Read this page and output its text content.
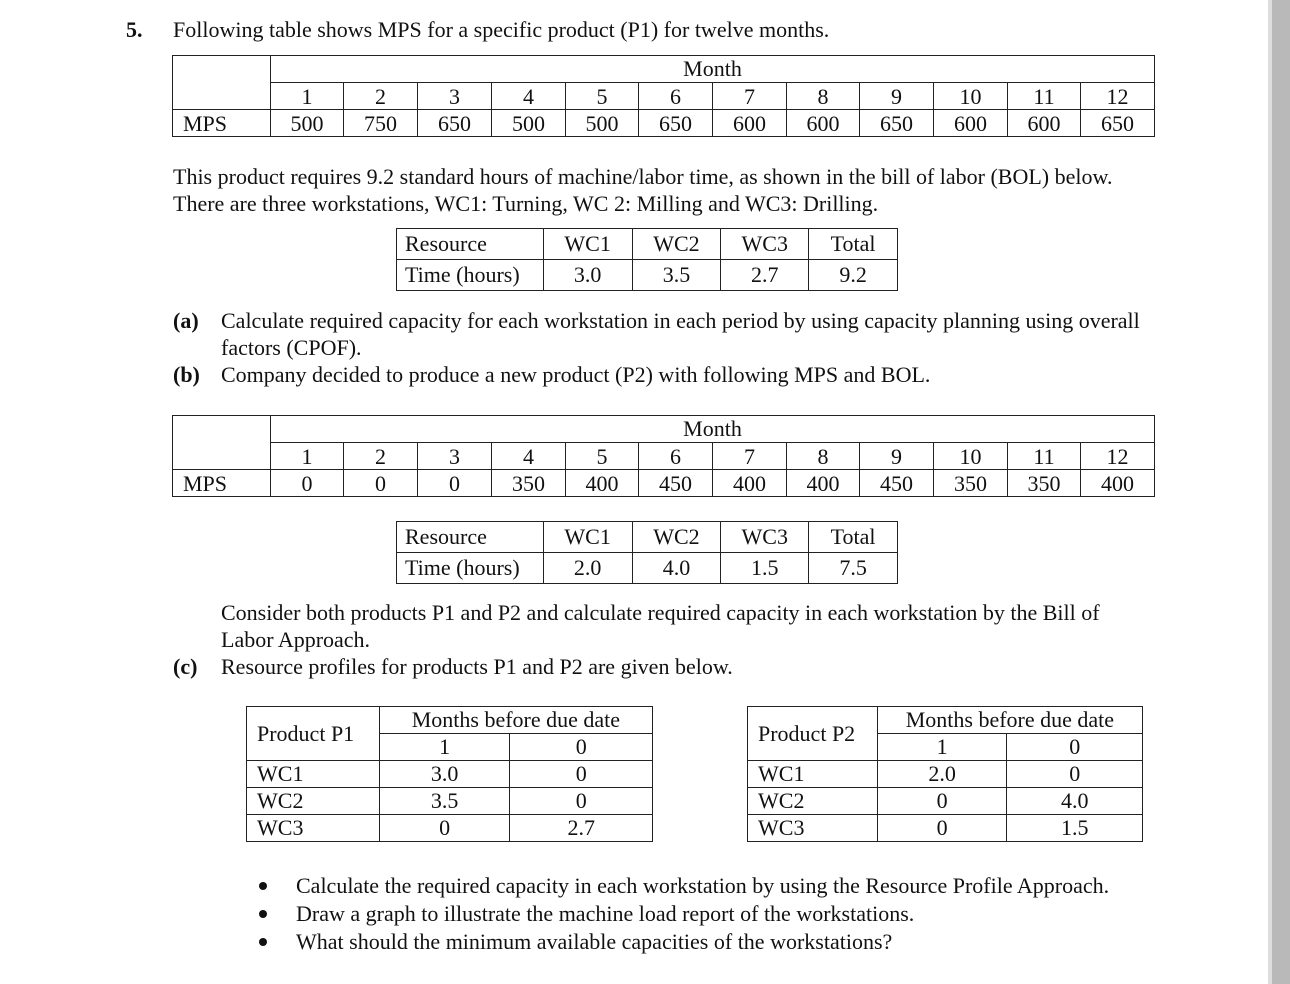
5. Following table shows MPS for a specific product (P1) for twelve months.
	Month											
	1	2	3	4	5	6	7	8	9	10	11	12
MPS	500	750	650	500	500	650	600	600	650	600	600	650
This product requires 9.2 standard hours of machine/labor time, as shown in the bill of labor (BOL) below.
There are three workstations, WC1: Turning, WC 2: Milling and WC3: Drilling.
Resource	WC1	WC2	WC3	Total
Time (hours)	3.0	3.5	2.7	9.2
(a) Calculate required capacity for each workstation in each period by using capacity planning using overall
factors (CPOF).
(b) Company decided to produce a new product (P2) with following MPS and BOL.
	Month											
	1	2	3	4	5	6	7	8	9	10	11	12
MPS	0	0	0	350	400	450	400	400	450	350	350	400
Resource	WC1	WC2	WC3	Total
Time (hours)	2.0	4.0	1.5	7.5
Consider both products P1 and P2 and calculate required capacity in each workstation by the Bill of
Labor Approach.
(c) Resource profiles for products P1 and P2 are given below.
Product P1	Months before due date	
	1	0
WC1	3.0	0
WC2	3.5	0
WC3	0	2.7
Product P2	Months before due date	
	1	0
WC1	2.0	0
WC2	0	4.0
WC3	0	1.5
Calculate the required capacity in each workstation by using the Resource Profile Approach.
Draw a graph to illustrate the machine load report of the workstations.
What should the minimum available capacities of the workstations?
